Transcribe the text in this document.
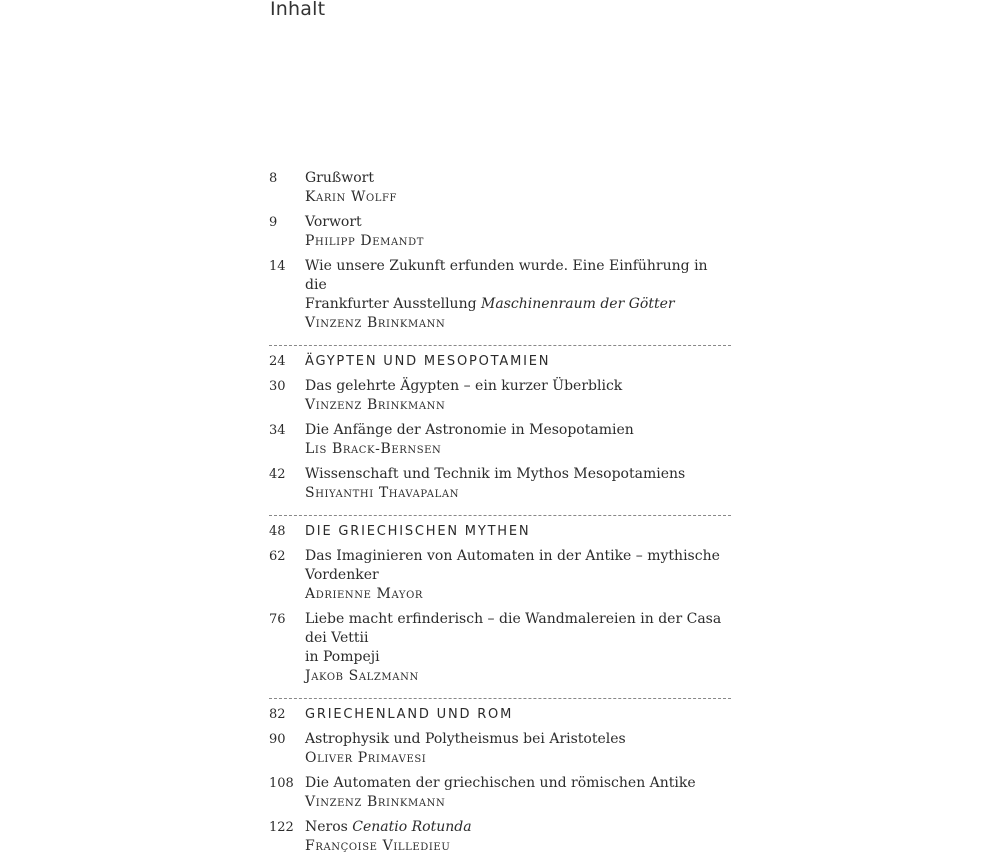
Inhalt
8	Grußwort
Karin Wolff
9	Vorwort
Philipp Demandt
14	Wie unsere Zukunft erfunden wurde. Eine Einführung in die
Frankfurter Ausstellung Maschinenraum der Götter
Vinzenz Brinkmann
24	ÄGYPTEN UND MESOPOTAMIEN
30	Das gelehrte Ägypten – ein kurzer Überblick
Vinzenz Brinkmann
34	Die Anfänge der Astronomie in Mesopotamien
Lis Brack-Bernsen
42	Wissenschaft und Technik im Mythos Mesopotamiens
Shiyanthi Thavapalan
48	DIE GRIECHISCHEN MYTHEN
62	Das Imaginieren von Automaten in der Antike – mythische Vordenker
Adrienne Mayor
76	Liebe macht erfinderisch – die Wandmalereien in der Casa dei Vettii
in Pompeji
Jakob Salzmann
82	GRIECHENLAND UND ROM
90	Astrophysik und Polytheismus bei Aristoteles
Oliver Primavesi
108 Die Automaten der griechischen und römischen Antike
Vinzenz Brinkmann
122 Neros Cenatio Rotunda
Françoise Villedieu
